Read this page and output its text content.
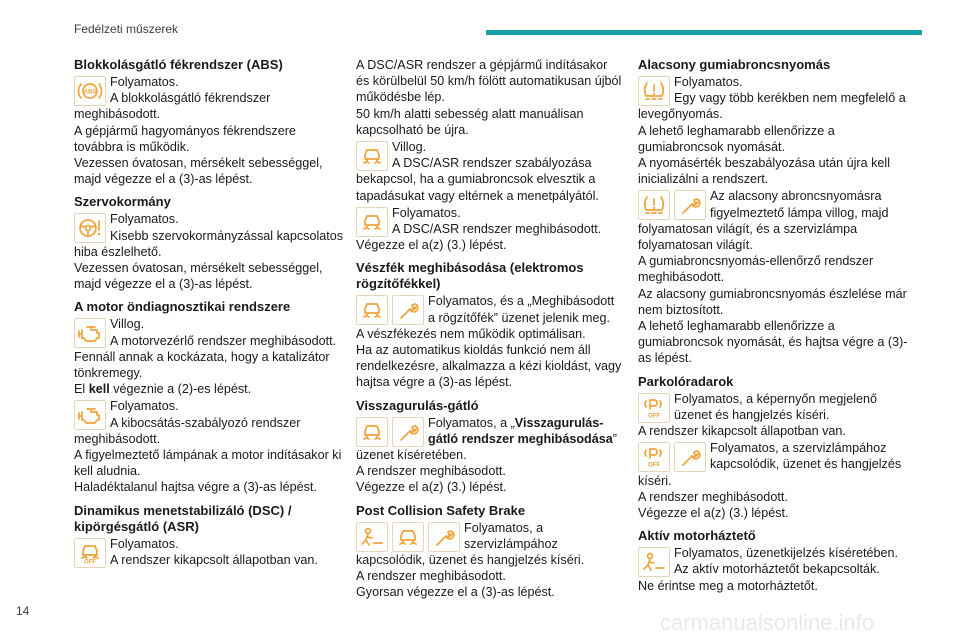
Fedélzeti műszerek
Blokkolásgátló fékrendszer (ABS)
ABS
Folyamatos.
A blokkolásgátló fékrendszer
meghibásodott.
A gépjármű hagyományos fékrendszere
továbbra is működik.
Vezessen óvatosan, mérsékelt sebességgel,
majd végezze el a (3)-as lépést.
Szervokormány
Folyamatos.
Kisebb szervokormányzással kapcsolatos
hiba észlelhető.
Vezessen óvatosan, mérsékelt sebességgel,
majd végezze el a (3)-as lépést.
A motor öndiagnosztikai rendszere
Villog.
A motorvezérlő rendszer meghibásodott.
Fennáll annak a kockázata, hogy a katalizátor
tönkremegy.
El kell végeznie a (2)-es lépést.
Folyamatos.
A kibocsátás-szabályozó rendszer
meghibásodott.
A figyelmeztető lámpának a motor indításakor ki
kell aludnia.
Haladéktalanul hajtsa végre a (3)-as lépést.
Dinamikus menetstabilizáló (DSC) /
kipörgésgátló (ASR)
OFF
Folyamatos.
A rendszer kikapcsolt állapotban van.
A DSC/ASR rendszer a gépjármű indításakor
és körülbelül 50 km/h fölött automatikusan újból
működésbe lép.
50 km/h alatti sebesség alatt manuálisan
kapcsolható be újra.
Villog.
A DSC/ASR rendszer szabályozása
bekapcsol, ha a gumiabroncsok elvesztik a
tapadásukat vagy eltérnek a menetpályától.
Folyamatos.
A DSC/ASR rendszer meghibásodott.
Végezze el a(z) (3.) lépést.
Vészfék meghibásodása (elektromos
rögzítőfékkel)
Folyamatos, és a „Meghibásodott
a rögzítőfék” üzenet jelenik meg.
A vészfékezés nem működik optimálisan.
Ha az automatikus kioldás funkció nem áll
rendelkezésre, alkalmazza a kézi kioldást, vagy
hajtsa végre a (3)-as lépést.
Visszagurulás-gátló
Folyamatos, a „Visszagurulás-
gátló rendszer meghibásodása”
üzenet kíséretében.
A rendszer meghibásodott.
Végezze el a(z) (3.) lépést.
Post Collision Safety Brake
Folyamatos, a
szervizlámpához
kapcsolódik, üzenet és hangjelzés kíséri.
A rendszer meghibásodott.
Gyorsan végezze el a (3)-as lépést.
Alacsony gumiabroncsnyomás
Folyamatos.
Egy vagy több kerékben nem megfelelő a
levegőnyomás.
A lehető leghamarabb ellenőrizze a
gumiabroncsok nyomását.
A nyomásérték beszabályozása után újra kell
inicializálni a rendszert.
Az alacsony abroncsnyomásra
figyelmeztető lámpa villog, majd
folyamatosan világít, és a szervizlámpa
folyamatosan világít.
A gumiabroncsnyomás-ellenőrző rendszer
meghibásodott.
Az alacsony gumiabroncsnyomás észlelése már
nem biztosított.
A lehető leghamarabb ellenőrizze a
gumiabroncsok nyomását, és hajtsa végre a (3)-
as lépést.
Parkolóradarok
OFF
Folyamatos, a képernyőn megjelenő
üzenet és hangjelzés kíséri.
A rendszer kikapcsolt állapotban van.
OFF
Folyamatos, a szervizlámpához
kapcsolódik, üzenet és hangjelzés
kíséri.
A rendszer meghibásodott.
Végezze el a(z) (3.) lépést.
Aktív motorháztető
Folyamatos, üzenetkijelzés kíséretében.
Az aktív motorháztetőt bekapcsolták.
Ne érintse meg a motorháztetőt.
14	carmanualsonline.info
